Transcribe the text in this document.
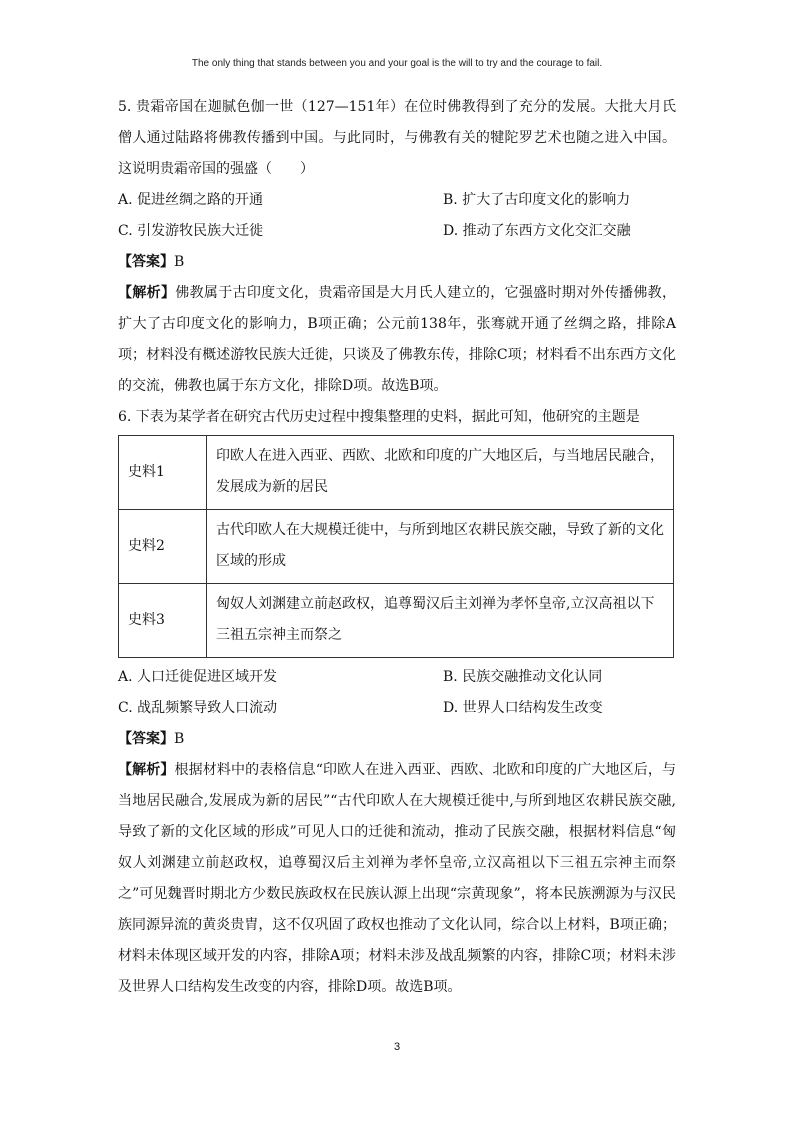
The only thing that stands between you and your goal is the will to try and the courage to fail.

5. 贵霜帝国在迦腻色伽一世（127—151年）在位时佛教得到了充分的发展。大批大月氏僧人通过陆路将佛教传播到中国。与此同时，与佛教有关的犍陀罗艺术也随之进入中国。这说明贵霜帝国的强盛（　　）

A. 促进丝绸之路的开通	B. 扩大了古印度文化的影响力
C. 引发游牧民族大迁徙	D. 推动了东西方文化交汇交融

【答案】B

【解析】佛教属于古印度文化，贵霜帝国是大月氏人建立的，它强盛时期对外传播佛教，扩大了古印度文化的影响力，B项正确；公元前138年，张骞就开通了丝绸之路，排除A项；材料没有概述游牧民族大迁徙，只谈及了佛教东传，排除C项；材料看不出东西方文化的交流，佛教也属于东方文化，排除D项。故选B项。

6. 下表为某学者在研究古代历史过程中搜集整理的史料，据此可知，他研究的主题是

史料1	印欧人在进入西亚、西欧、北欧和印度的广大地区后，与当地居民融合，发展成为新的居民
史料2	古代印欧人在大规模迁徙中，与所到地区农耕民族交融，导致了新的文化区域的形成
史料3	匈奴人刘渊建立前赵政权，追尊蜀汉后主刘禅为孝怀皇帝,立汉高祖以下三祖五宗神主而祭之
A. 人口迁徙促进区域开发	B. 民族交融推动文化认同
C. 战乱频繁导致人口流动	D. 世界人口结构发生改变

【答案】B

【解析】根据材料中的表格信息“印欧人在进入西亚、西欧、北欧和印度的广大地区后，与当地居民融合,发展成为新的居民”“古代印欧人在大规模迁徙中,与所到地区农耕民族交融,导致了新的文化区域的形成”可见人口的迁徙和流动，推动了民族交融，根据材料信息“匈奴人刘渊建立前赵政权，追尊蜀汉后主刘禅为孝怀皇帝,立汉高祖以下三祖五宗神主而祭之”可见魏晋时期北方少数民族政权在民族认源上出现“宗黄现象”，将本民族溯源为与汉民族同源异流的黄炎贵胄，这不仅巩固了政权也推动了文化认同，综合以上材料，B项正确；材料未体现区域开发的内容，排除A项；材料未涉及战乱频繁的内容，排除C项；材料未涉及世界人口结构发生改变的内容，排除D项。故选B项。

3
